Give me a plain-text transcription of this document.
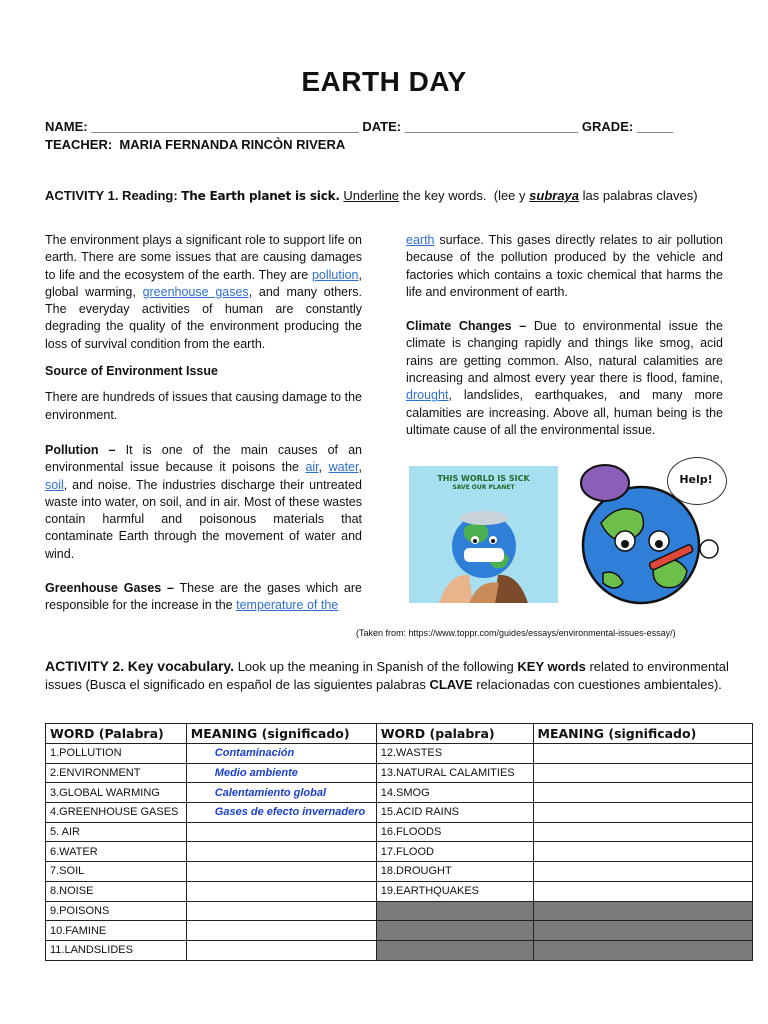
EARTH DAY
NAME: _____________________________________ DATE: ________________________ GRADE: _____
TEACHER: MARIA FERNANDA RINCÒN RIVERA
ACTIVITY 1. Reading: The Earth planet is sick. Underline the key words. (lee y subraya las palabras claves)
The environment plays a significant role to support life on earth. There are some issues that are causing damages to life and the ecosystem of the earth. They are pollution, global warming, greenhouse gases, and many others. The everyday activities of human are constantly degrading the quality of the environment producing the loss of survival condition from the earth.
Source of Environment Issue
There are hundreds of issues that causing damage to the environment.
Pollution – It is one of the main causes of an environmental issue because it poisons the air, water, soil, and noise. The industries discharge their untreated waste into water, on soil, and in air. Most of these wastes contain harmful and poisonous materials that contaminate Earth through the movement of water and wind.
Greenhouse Gases – These are the gases which are responsible for the increase in the temperature of the
earth surface. This gases directly relates to air pollution because of the pollution produced by the vehicle and factories which contains a toxic chemical that harms the life and environment of earth.
Climate Changes – Due to environmental issue the climate is changing rapidly and things like smog, acid rains are getting common. Also, natural calamities are increasing and almost every year there is flood, famine, drought, landslides, earthquakes, and many more calamities are increasing. Above all, human being is the ultimate cause of all the environmental issue.
THIS WORLD IS SICK
SAVE OUR PLANET
Help!
(Taken from: https://www.toppr.com/guides/essays/environmental-issues-essay/)
ACTIVITY 2. Key vocabulary. Look up the meaning in Spanish of the following KEY words related to environmental issues (Busca el significado en español de las siguientes palabras CLAVE relacionadas con cuestiones ambientales).
WORD (Palabra)	MEANING (significado)	WORD (palabra)	MEANING (significado)
1.POLLUTION	Contaminación	12.WASTES	
2.ENVIRONMENT	Medio ambiente	13.NATURAL CALAMITIES	
3.GLOBAL WARMING	Calentamiento global	14.SMOG	
4.GREENHOUSE GASES	Gases de efecto invernadero	15.ACID RAINS	
5. AIR		16.FLOODS	
6.WATER		17.FLOOD	
7.SOIL		18.DROUGHT	
8.NOISE		19.EARTHQUAKES	
9.POISONS			
10.FAMINE			
11.LANDSLIDES			
